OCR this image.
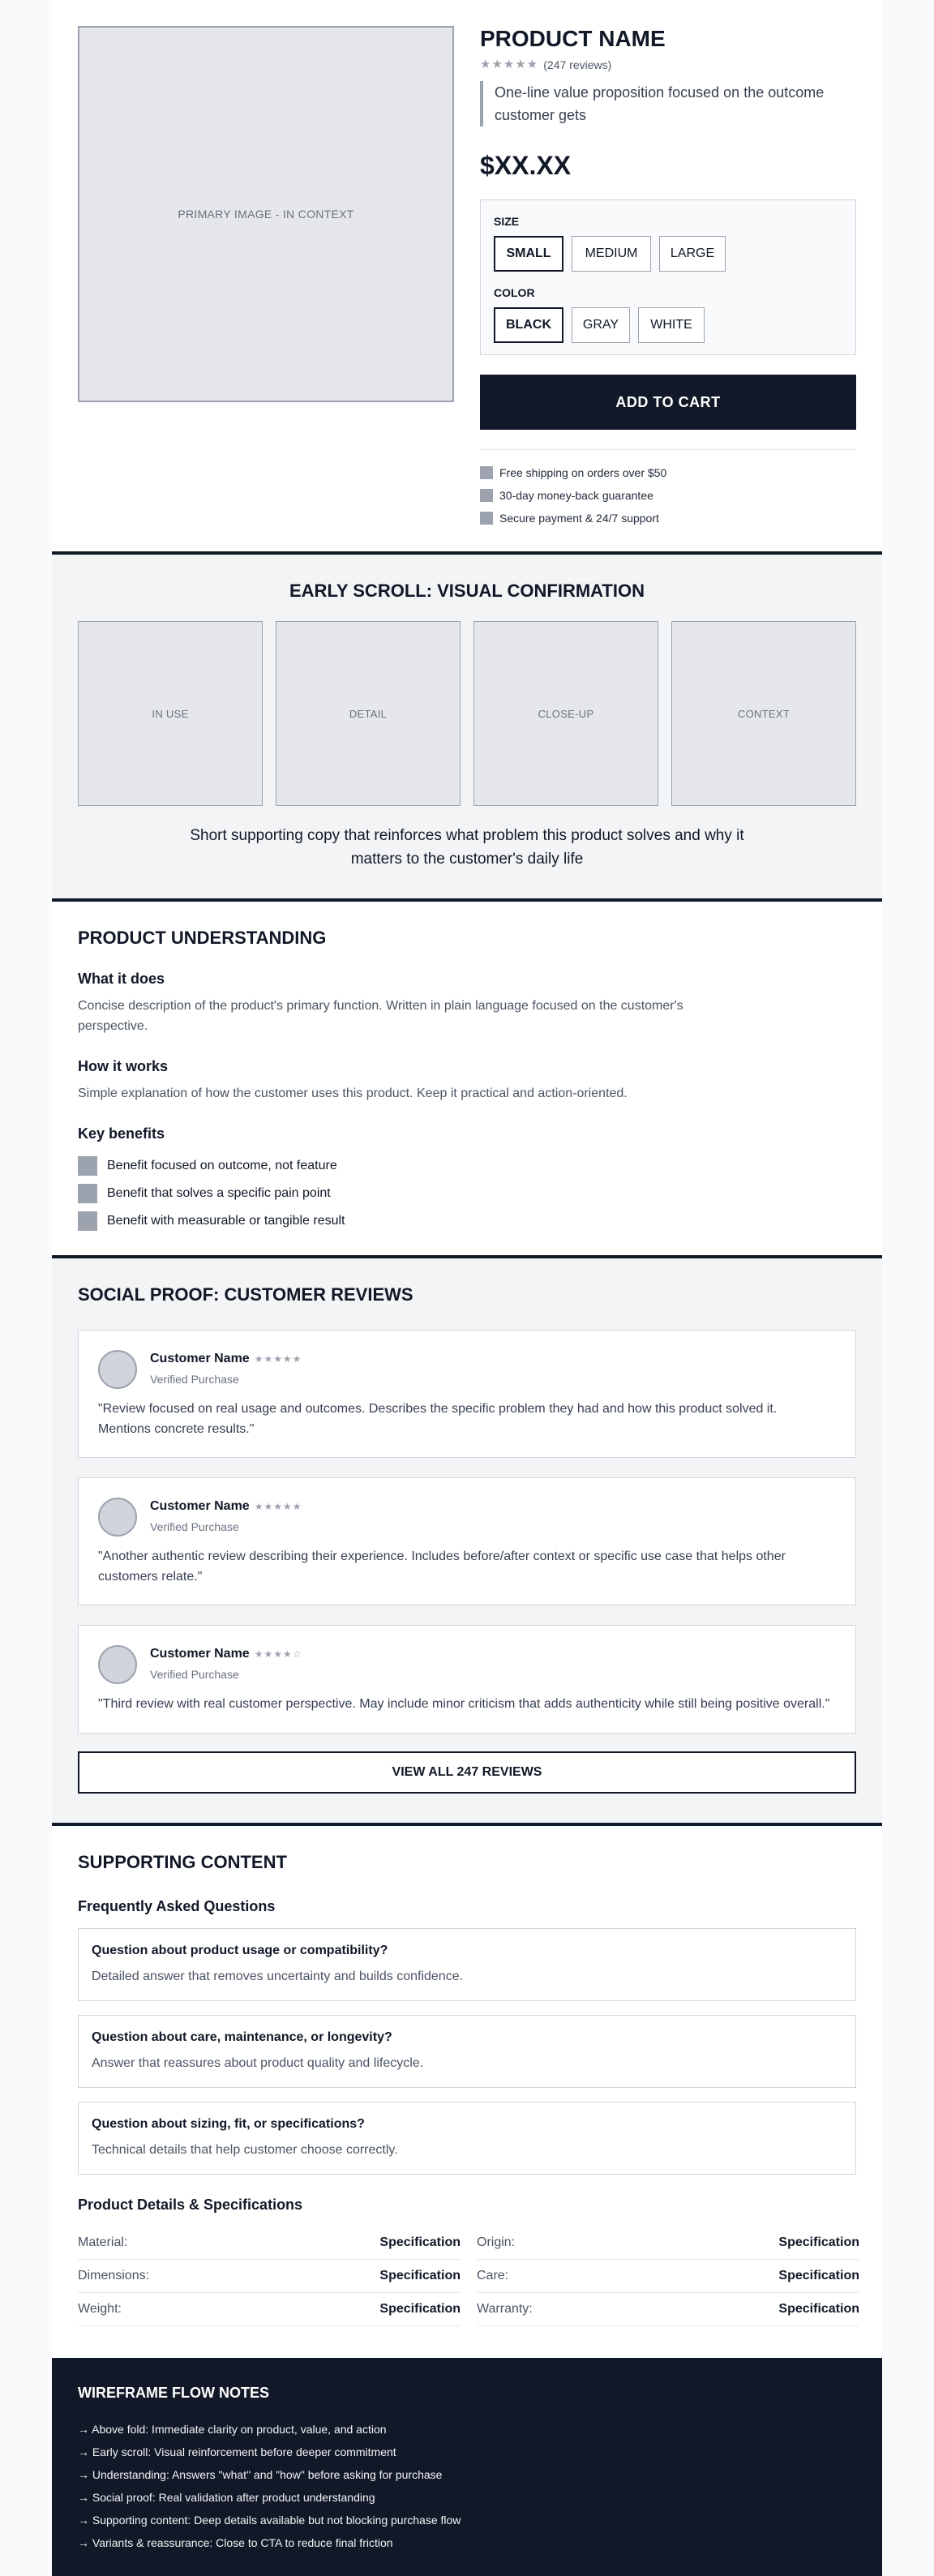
PRIMARY IMAGE - IN CONTEXT
PRODUCT NAME
★★★★★ (247 reviews)

One-line value proposition focused on the outcome customer gets

$XX.XX
SIZE
SMALL	MEDIUM	LARGE
COLOR
BLACK	GRAY	WHITE
ADD TO CART
Free shipping on orders over $50
30-day money-back guarantee
Secure payment & 24/7 support
EARLY SCROLL: VISUAL CONFIRMATION
IN USE	DETAIL	CLOSE-UP	CONTEXT

Short supporting copy that reinforces what problem this product solves and why it matters to the customer's daily life

PRODUCT UNDERSTANDING
What it does

Concise description of the product's primary function. Written in plain language focused on the customer's perspective.

How it works

Simple explanation of how the customer uses this product. Keep it practical and action-oriented.

Key benefits
Benefit focused on outcome, not feature
Benefit that solves a specific pain point
Benefit with measurable or tangible result
SOCIAL PROOF: CUSTOMER REVIEWS
Customer Name ★★★★★
Verified Purchase

"Review focused on real usage and outcomes. Describes the specific problem they had and how this product solved it. Mentions concrete results."

Customer Name ★★★★★
Verified Purchase

"Another authentic review describing their experience. Includes before/after context or specific use case that helps other customers relate."

Customer Name ★★★★☆
Verified Purchase

"Third review with real customer perspective. May include minor criticism that adds authenticity while still being positive overall."

VIEW ALL 247 REVIEWS
SUPPORTING CONTENT
Frequently Asked Questions
Question about product usage or compatibility?
Detailed answer that removes uncertainty and builds confidence.
Question about care, maintenance, or longevity?
Answer that reassures about product quality and lifecycle.
Question about sizing, fit, or specifications?
Technical details that help customer choose correctly.
Product Details & Specifications
Material:	Specification Origin:	Specification
Dimensions:	Specification Care:	Specification
Weight:	Specification Warranty:	Specification
WIREFRAME FLOW NOTES
→ Above fold: Immediate clarity on product, value, and action
→ Early scroll: Visual reinforcement before deeper commitment
→ Understanding: Answers "what" and "how" before asking for purchase
→ Social proof: Real validation after product understanding
→ Supporting content: Deep details available but not blocking purchase flow
→ Variants & reassurance: Close to CTA to reduce final friction
